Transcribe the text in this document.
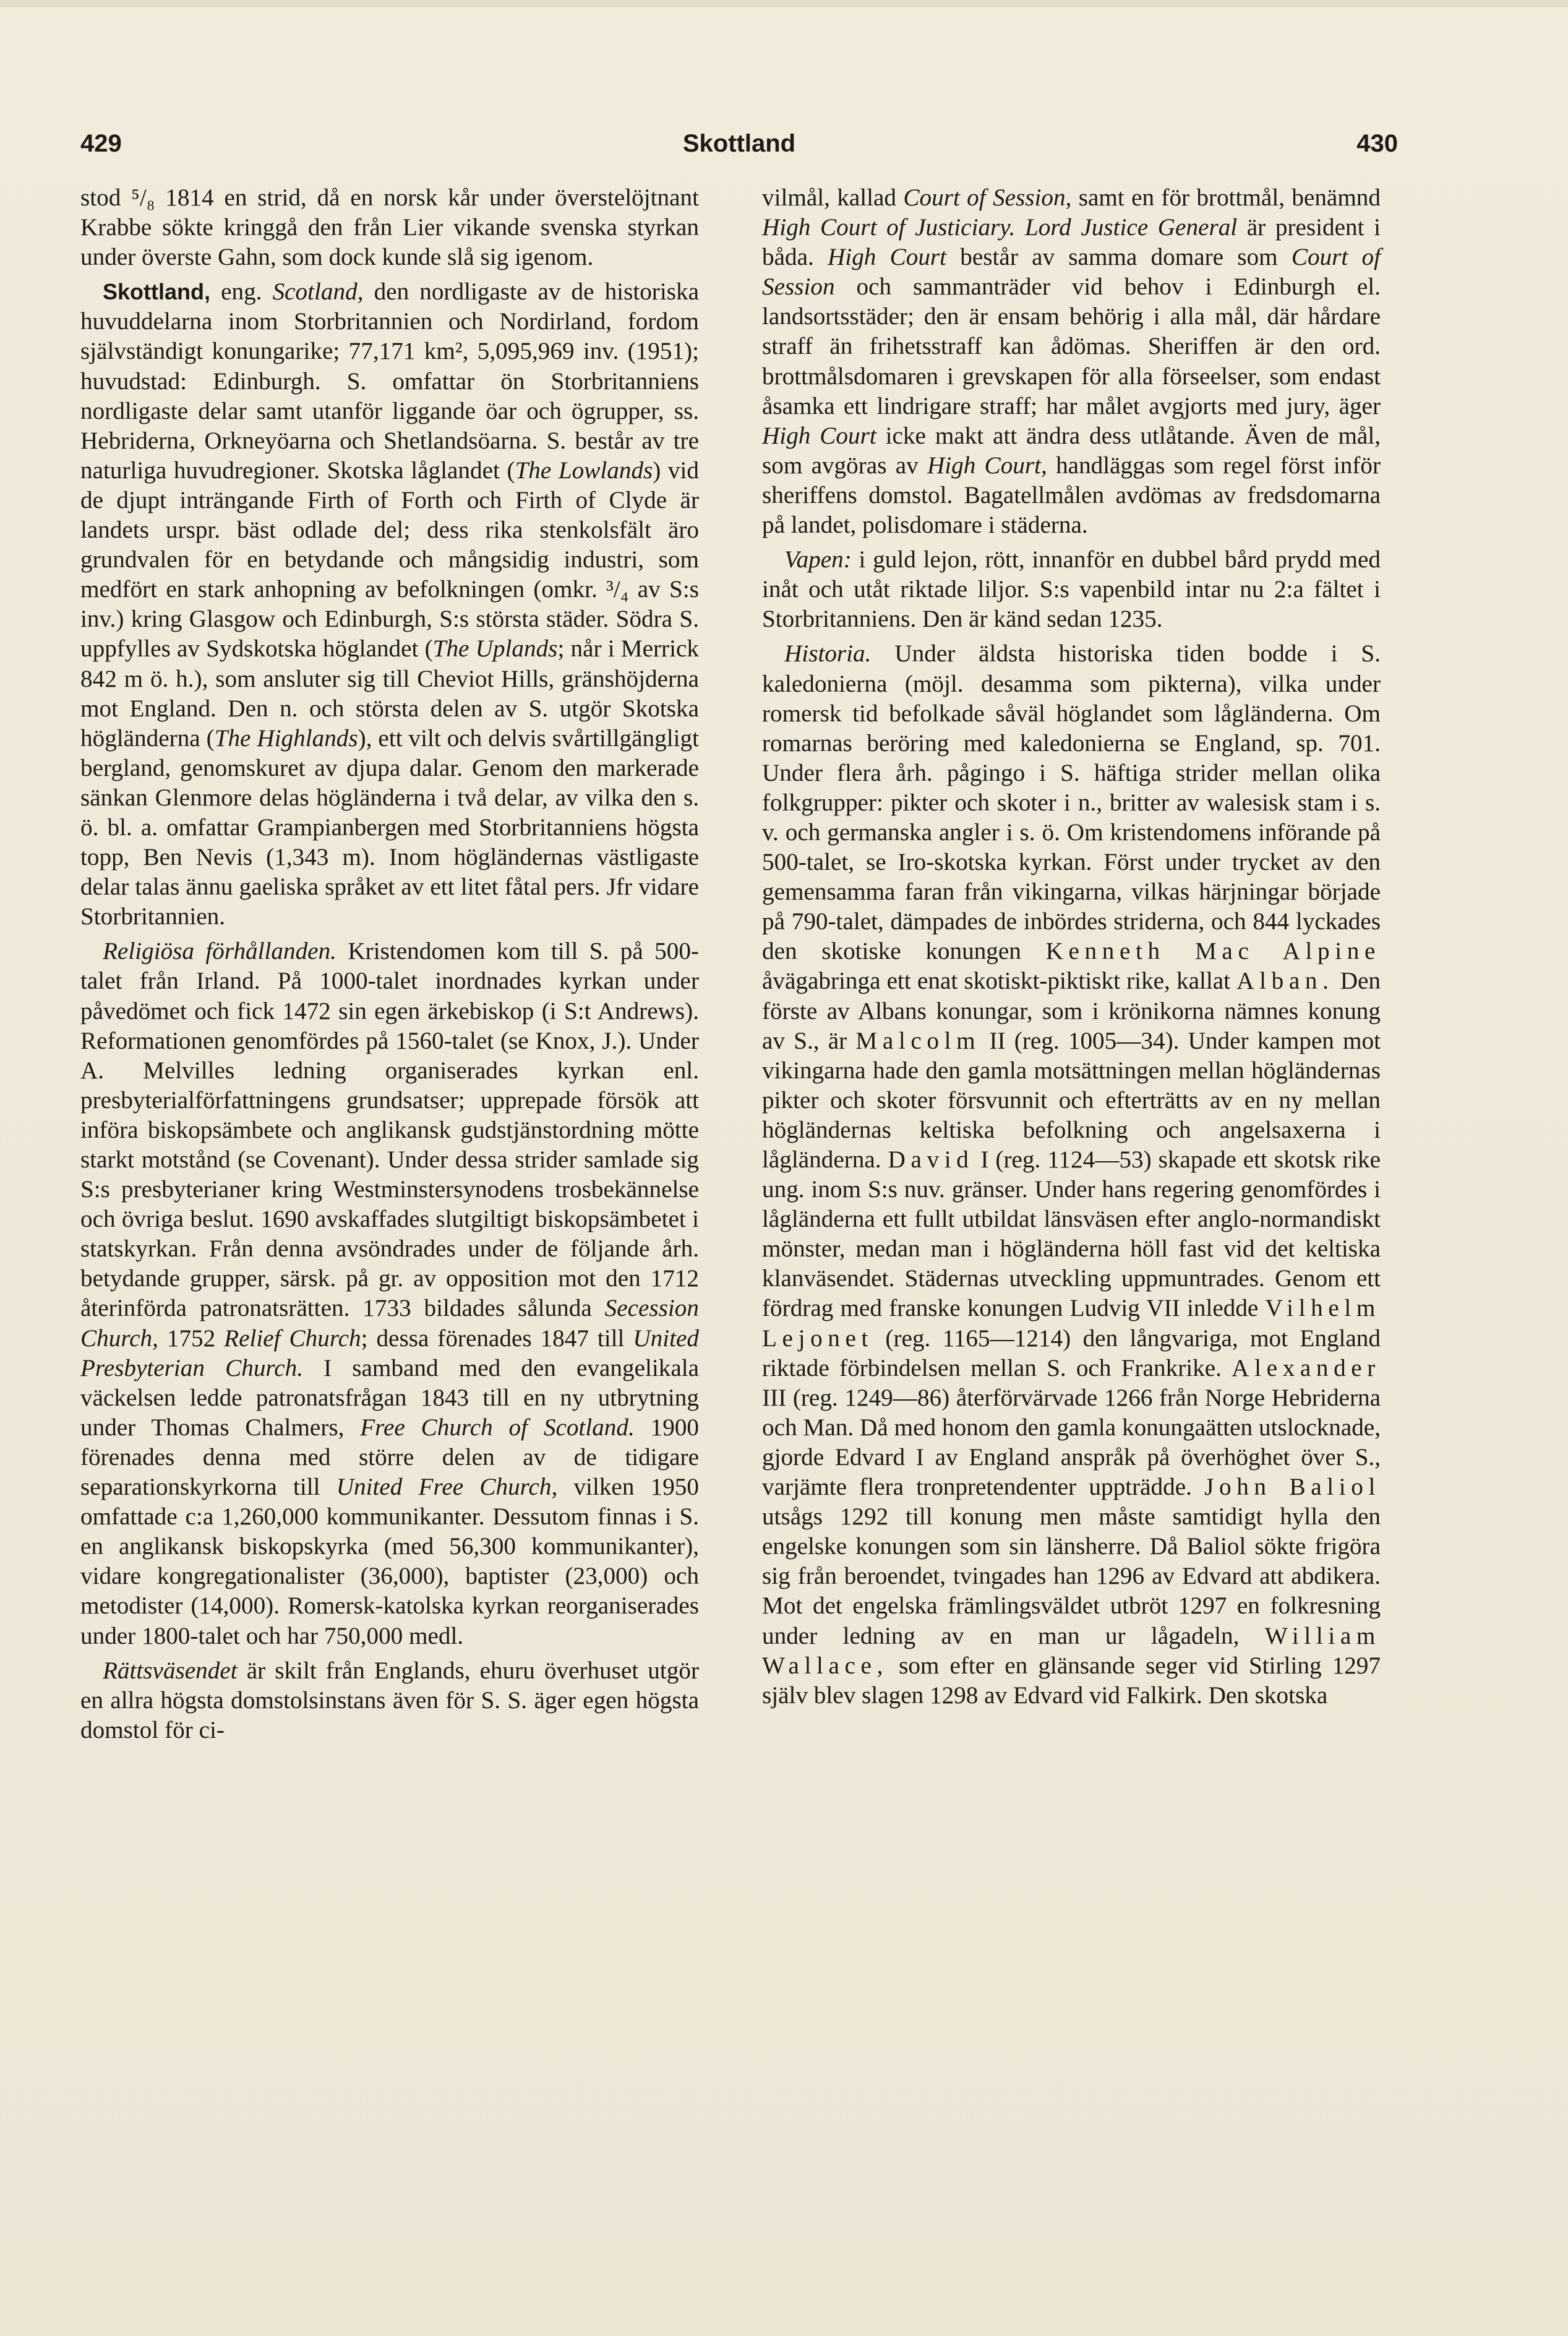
429	Skottland	430

stod ⁵/₈ 1814 en strid, då en norsk kår under överstelöjtnant Krabbe sökte kringgå den från Lier vikande svenska styrkan under överste Gahn, som dock kunde slå sig igenom.

Skottland, eng. Scotland, den nordligaste av de historiska huvuddelarna inom Storbritannien och Nordirland, fordom självständigt konungarike; 77,171 km², 5,095,969 inv. (1951); huvudstad: Edinburgh. S. omfattar ön Storbritanniens nordligaste delar samt utanför liggande öar och ögrupper, ss. Hebriderna, Orkneyöarna och Shetlandsöarna. S. består av tre naturliga huvudregioner. Skotska låglandet (The Lowlands) vid de djupt inträngande Firth of Forth och Firth of Clyde är landets urspr. bäst odlade del; dess rika stenkolsfält äro grundvalen för en betydande och mångsidig industri, som medfört en stark anhopning av befolkningen (omkr. ³/₄ av S:s inv.) kring Glasgow och Edinburgh, S:s största städer. Södra S. uppfylles av Sydskotska höglandet (The Uplands; når i Merrick 842 m ö. h.), som ansluter sig till Cheviot Hills, gränshöjderna mot England. Den n. och största delen av S. utgör Skotska högländerna (The Highlands), ett vilt och delvis svårtillgängligt bergland, genomskuret av djupa dalar. Genom den markerade sänkan Glenmore delas högländerna i två delar, av vilka den s. ö. bl. a. omfattar Grampianbergen med Storbritanniens högsta topp, Ben Nevis (1,343 m). Inom högländernas västligaste delar talas ännu gaeliska språket av ett litet fåtal pers. Jfr vidare Storbritannien.

Religiösa förhållanden. Kristendomen kom till S. på 500-talet från Irland. På 1000-talet inordnades kyrkan under påvedömet och fick 1472 sin egen ärkebiskop (i S:t Andrews). Reformationen genomfördes på 1560-talet (se Knox, J.). Under A. Melvilles ledning organiserades kyrkan enl. presbyterialförfattningens grundsatser; upprepade försök att införa biskopsämbete och anglikansk gudstjänstordning mötte starkt motstånd (se Covenant). Under dessa strider samlade sig S:s presbyterianer kring Westminstersynodens trosbekännelse och övriga beslut. 1690 avskaffades slutgiltigt biskopsämbetet i statskyrkan. Från denna avsöndrades under de följande årh. betydande grupper, särsk. på gr. av opposition mot den 1712 återinförda patronatsrätten. 1733 bildades sålunda Secession Church, 1752 Relief Church; dessa förenades 1847 till United Presbyterian Church. I samband med den evangelikala väckelsen ledde patronatsfrågan 1843 till en ny utbrytning under Thomas Chalmers, Free Church of Scotland. 1900 förenades denna med större delen av de tidigare separationskyrkorna till United Free Church, vilken 1950 omfattade c:a 1,260,000 kommunikanter. Dessutom finnas i S. en anglikansk biskopskyrka (med 56,300 kommunikanter), vidare kongregationalister (36,000), baptister (23,000) och metodister (14,000). Romersk-katolska kyrkan reorganiserades under 1800-talet och har 750,000 medl.

Rättsväsendet är skilt från Englands, ehuru överhuset utgör en allra högsta domstolsinstans även för S. S. äger egen högsta domstol för ci-

vilmål, kallad Court of Session, samt en för brottmål, benämnd High Court of Justiciary. Lord Justice General är president i båda. High Court består av samma domare som Court of Session och sammanträder vid behov i Edinburgh el. landsortsstäder; den är ensam behörig i alla mål, där hårdare straff än frihetsstraff kan ådömas. Sheriffen är den ord. brottmålsdomaren i grevskapen för alla förseelser, som endast åsamka ett lindrigare straff; har målet avgjorts med jury, äger High Court icke makt att ändra dess utlåtande. Även de mål, som avgöras av High Court, handläggas som regel först inför sheriffens domstol. Bagatellmålen avdömas av fredsdomarna på landet, polisdomare i städerna.

Vapen: i guld lejon, rött, innanför en dubbel bård prydd med inåt och utåt riktade liljor. S:s vapenbild intar nu 2:a fältet i Storbritanniens. Den är känd sedan 1235.

Historia. Under äldsta historiska tiden bodde i S. kaledonierna (möjl. desamma som pikterna), vilka under romersk tid befolkade såväl höglandet som lågländerna. Om romarnas beröring med kaledonierna se England, sp. 701. Under flera årh. pågingo i S. häftiga strider mellan olika folkgrupper: pikter och skoter i n., britter av walesisk stam i s. v. och germanska angler i s. ö. Om kristendomens införande på 500-talet, se Iro-skotska kyrkan. Först under trycket av den gemensamma faran från vikingarna, vilkas härjningar började på 790-talet, dämpades de inbördes striderna, och 844 lyckades den skotiske konungen Kenneth Mac Alpine åvägabringa ett enat skotiskt-piktiskt rike, kallat Alban. Den förste av Albans konungar, som i krönikorna nämnes konung av S., är Malcolm II (reg. 1005—34). Under kampen mot vikingarna hade den gamla motsättningen mellan högländernas pikter och skoter försvunnit och efterträtts av en ny mellan högländernas keltiska befolkning och angelsaxerna i lågländerna. David I (reg. 1124—53) skapade ett skotsk rike ung. inom S:s nuv. gränser. Under hans regering genomfördes i lågländerna ett fullt utbildat länsväsen efter anglo-normandiskt mönster, medan man i högländerna höll fast vid det keltiska klanväsendet. Städernas utveckling uppmuntrades. Genom ett fördrag med franske konungen Ludvig VII inledde Vilhelm Lejonet (reg. 1165—1214) den långvariga, mot England riktade förbindelsen mellan S. och Frankrike. Alexander III (reg. 1249—86) återförvärvade 1266 från Norge Hebriderna och Man. Då med honom den gamla konungaätten utslocknade, gjorde Edvard I av England anspråk på överhöghet över S., varjämte flera tronpretendenter uppträdde. John Baliol utsågs 1292 till konung men måste samtidigt hylla den engelske konungen som sin länsherre. Då Baliol sökte frigöra sig från beroendet, tvingades han 1296 av Edvard att abdikera. Mot det engelska främlingsväldet utbröt 1297 en folkresning under ledning av en man ur lågadeln, William Wallace, som efter en glänsande seger vid Stirling 1297 själv blev slagen 1298 av Edvard vid Falkirk. Den skotska
